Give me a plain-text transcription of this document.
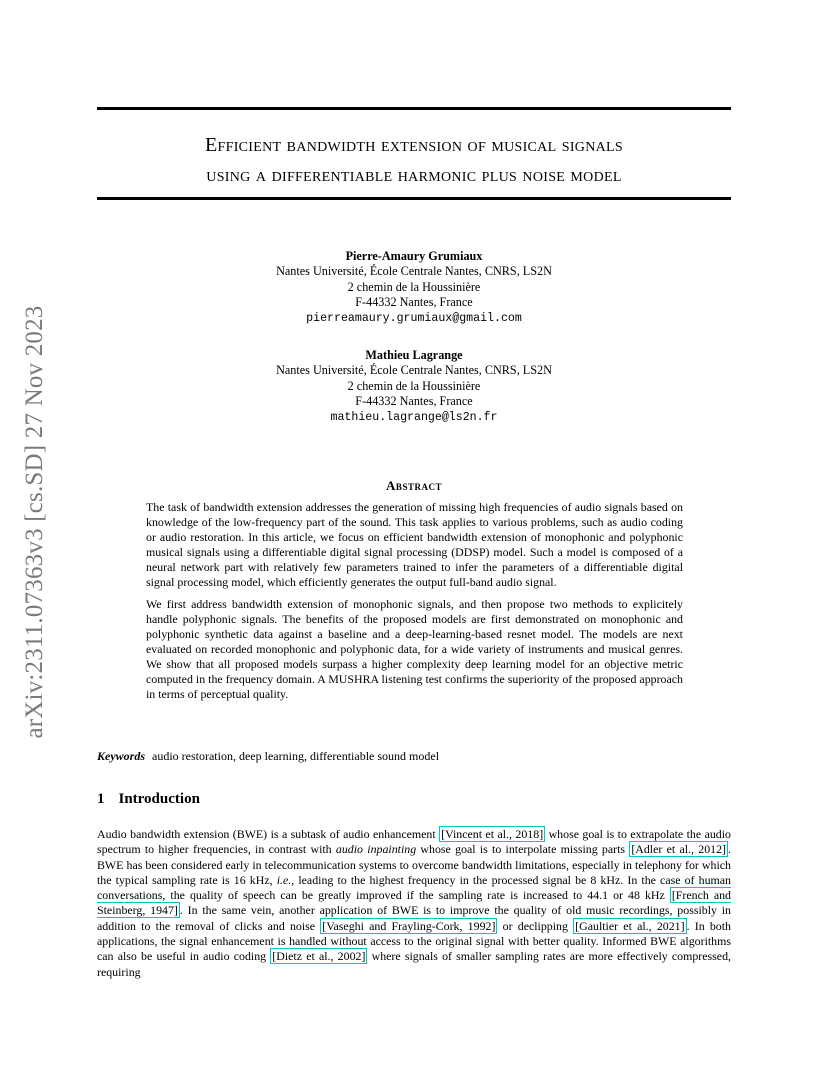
arXiv:2311.07363v3 [cs.SD] 27 Nov 2023
Efficient bandwidth extension of musical signals
using a differentiable harmonic plus noise model
Pierre-Amaury Grumiaux
Nantes Université, École Centrale Nantes, CNRS, LS2N
2 chemin de la Houssinière
F-44332 Nantes, France
pierreamaury.grumiaux@gmail.com
Mathieu Lagrange
Nantes Université, École Centrale Nantes, CNRS, LS2N
2 chemin de la Houssinière
F-44332 Nantes, France
mathieu.lagrange@ls2n.fr
Abstract

The task of bandwidth extension addresses the generation of missing high frequencies of audio signals based on knowledge of the low-frequency part of the sound. This task applies to various problems, such as audio coding or audio restoration. In this article, we focus on efficient bandwidth extension of monophonic and polyphonic musical signals using a differentiable digital signal processing (DDSP) model. Such a model is composed of a neural network part with relatively few parameters trained to infer the parameters of a differentiable digital signal processing model, which efficiently generates the output full-band audio signal.

We first address bandwidth extension of monophonic signals, and then propose two methods to explicitely handle polyphonic signals. The benefits of the proposed models are first demonstrated on monophonic and polyphonic synthetic data against a baseline and a deep-learning-based resnet model. The models are next evaluated on recorded monophonic and polyphonic data, for a wide variety of instruments and musical genres. We show that all proposed models surpass a higher complexity deep learning model for an objective metric computed in the frequency domain. A MUSHRA listening test confirms the superiority of the proposed approach in terms of perceptual quality.

Keywords audio restoration, deep learning, differentiable sound model
1 Introduction

Audio bandwidth extension (BWE) is a subtask of audio enhancement [Vincent et al., 2018] whose goal is to extrapolate the audio spectrum to higher frequencies, in contrast with audio inpainting whose goal is to interpolate missing parts [Adler et al., 2012] . BWE has been considered early in telecommunication systems to overcome bandwidth limitations, especially in telephony for which the typical sampling rate is 16 kHz, i.e., leading to the highest frequency in the processed signal be 8 kHz. In the case of human conversations, the quality of speech can be greatly improved if the sampling rate is increased to 44.1 or 48 kHz [French and Steinberg, 1947] . In the same vein, another application of BWE is to improve the quality of old music recordings, possibly in addition to the removal of clicks and noise [Vaseghi and Frayling-Cork, 1992] or declipping [Gaultier et al., 2021] . In both applications, the signal enhancement is handled without access to the original signal with better quality. Informed BWE algorithms can also be useful in audio coding [Dietz et al., 2002] where signals of smaller sampling rates are more effectively compressed, requiring
